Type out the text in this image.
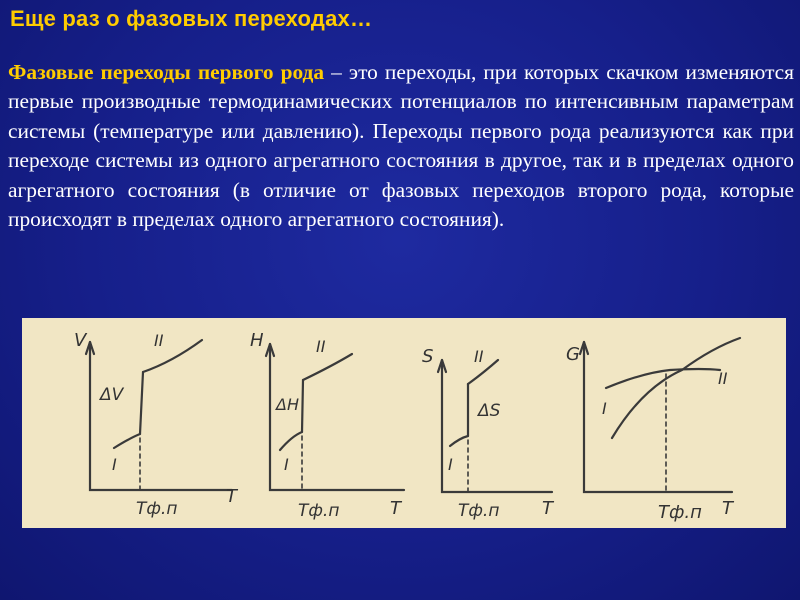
Еще раз о фазовых переходах…

Фазовые переходы первого рода – это переходы, при которых скачком изменяются первые производные термодинамических потенциалов по интенсивным параметрам системы (температуре или давлению). Переходы первого рода реализуются как при переходе системы из одного агрегатного состояния в другое, так и в пределах одного агрегатного состояния (в отличие от фазовых переходов второго рода, которые происходят в пределах одного агрегатного состояния).

V
ΔV
I
II
Tф.п
T
H
ΔH
I
II
Tф.п	T
S
ΔS
I
II
Tф.п T
G
I
II
Tф.п T
